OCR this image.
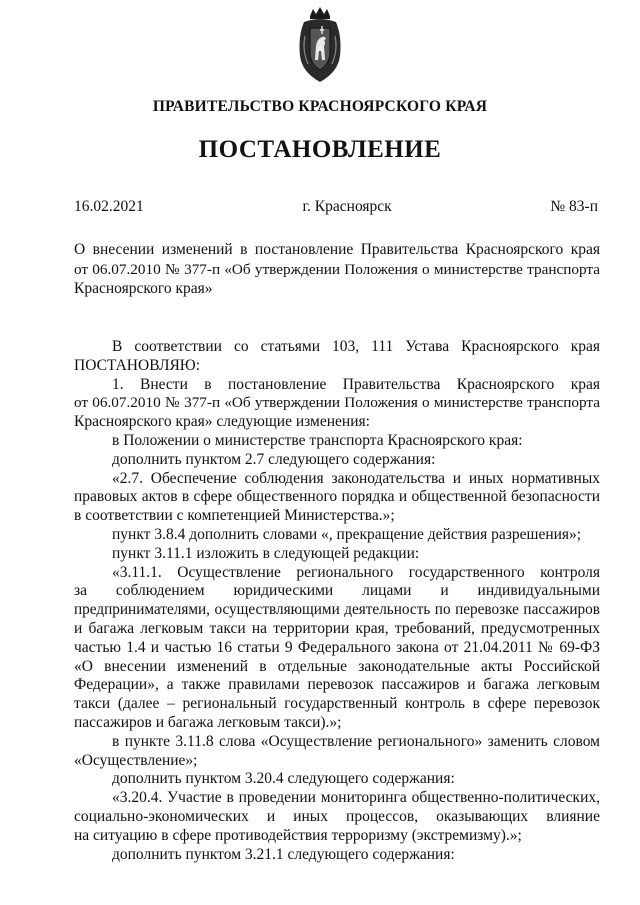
ПРАВИТЕЛЬСТВО КРАСНОЯРСКОГО КРАЯ
ПОСТАНОВЛЕНИЕ
16.02.2021	г. Красноярск	№ 83-п
О внесении изменений в постановление Правительства Красноярского края
от 06.07.2010 № 377-п «Об утверждении Положения о министерстве транспорта
Красноярского края»
В соответствии со статьями 103, 111 Устава Красноярского края
ПОСТАНОВЛЯЮ:
1. Внести в постановление Правительства Красноярского края
от 06.07.2010 № 377-п «Об утверждении Положения о министерстве транспорта
Красноярского края» следующие изменения:
в Положении о министерстве транспорта Красноярского края:
дополнить пунктом 2.7 следующего содержания:
«2.7. Обеспечение соблюдения законодательства и иных нормативных
правовых актов в сфере общественного порядка и общественной безопасности
в соответствии с компетенцией Министерства.»;
пункт 3.8.4 дополнить словами «, прекращение действия разрешения»;
пункт 3.11.1 изложить в следующей редакции:
«3.11.1. Осуществление регионального государственного контроля
за соблюдением юридическими лицами и индивидуальными
предпринимателями, осуществляющими деятельность по перевозке пассажиров
и багажа легковым такси на территории края, требований, предусмотренных
частью 1.4 и частью 16 статьи 9 Федерального закона от 21.04.2011 № 69-ФЗ
«О внесении изменений в отдельные законодательные акты Российской
Федерации», а также правилами перевозок пассажиров и багажа легковым
такси (далее – региональный государственный контроль в сфере перевозок
пассажиров и багажа легковым такси).»;
в пункте 3.11.8 слова «Осуществление регионального» заменить словом
«Осуществление»;
дополнить пунктом 3.20.4 следующего содержания:
«3.20.4. Участие в проведении мониторинга общественно-политических,
социально-экономических и иных процессов, оказывающих влияние
на ситуацию в сфере противодействия терроризму (экстремизму).»;
дополнить пунктом 3.21.1 следующего содержания:
